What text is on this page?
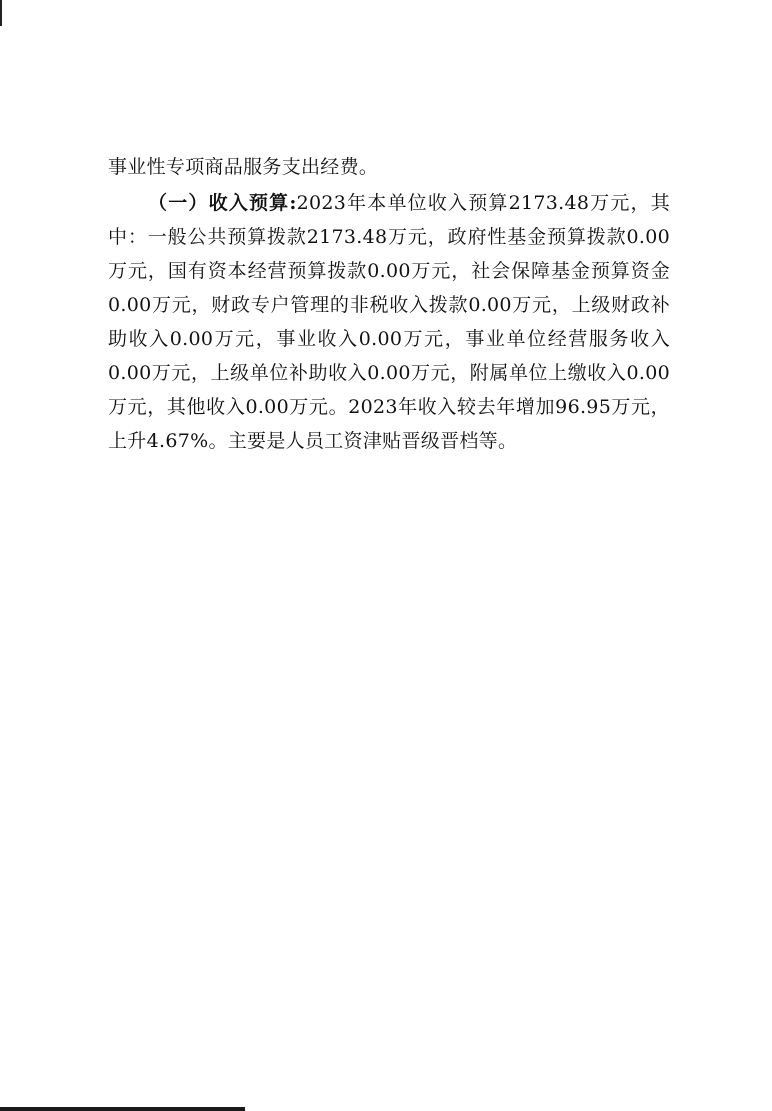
事业性专项商品服务支出经费。

（一）收入预算:2023年本单位收入预算2173.48万元，其中：一般公共预算拨款2173.48万元，政府性基金预算拨款0.00万元，国有资本经营预算拨款0.00万元，社会保障基金预算资金0.00万元，财政专户管理的非税收入拨款0.00万元，上级财政补助收入0.00万元，事业收入0.00万元，事业单位经营服务收入0.00万元，上级单位补助收入0.00万元，附属单位上缴收入0.00万元，其他收入0.00万元。2023年收入较去年增加96.95万元，上升4.67%。主要是人员工资津贴晋级晋档等。
